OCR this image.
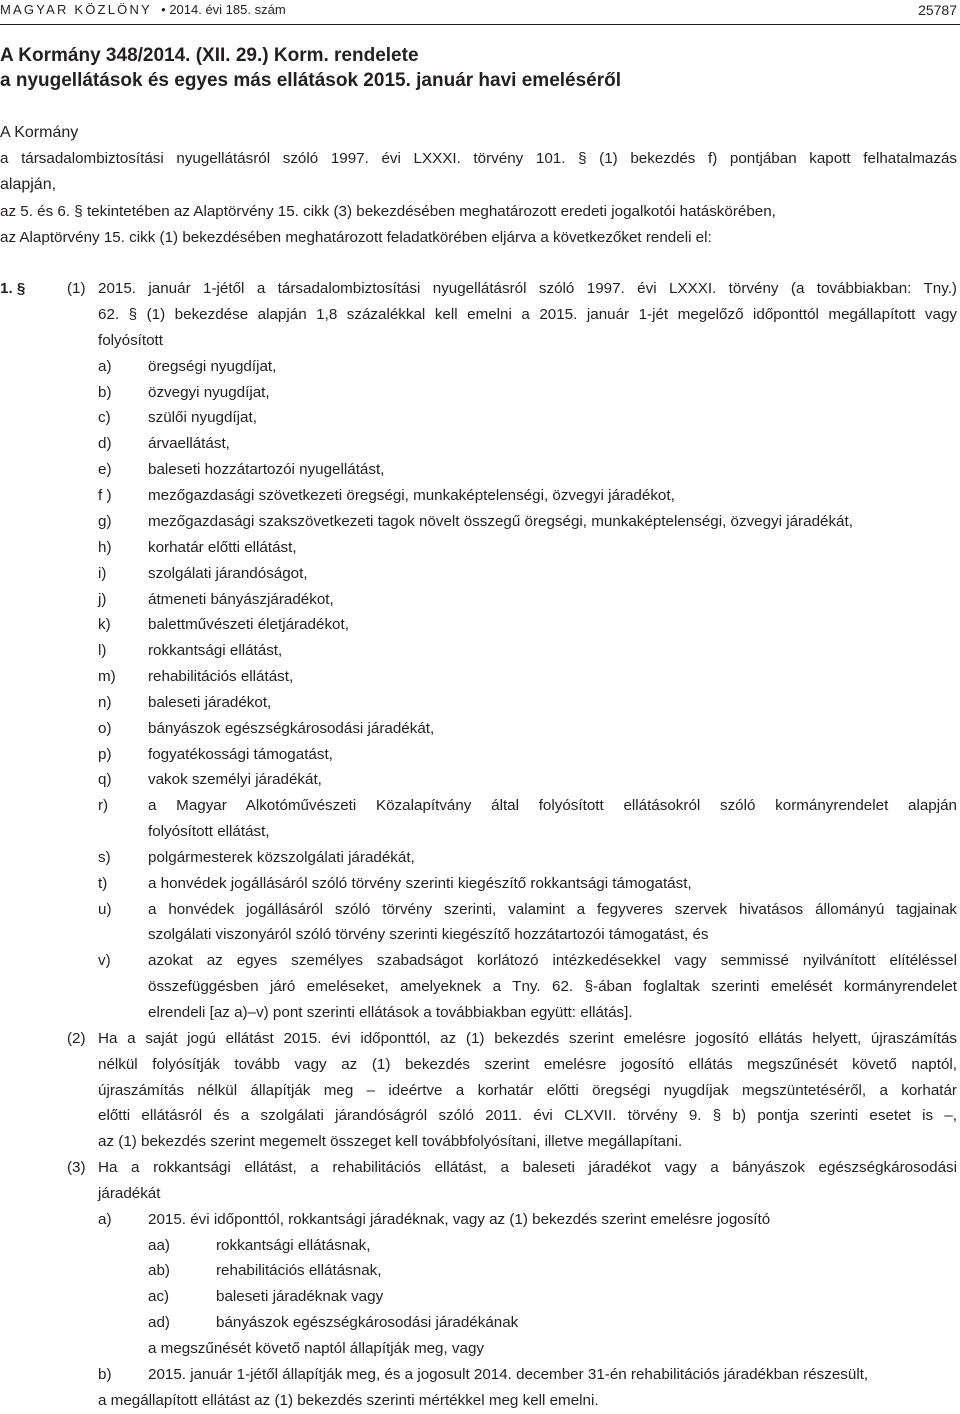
MAGYAR KÖZLÖNY • 2014. évi 185. szám	25787
A Kormány 348/2014. (XII. 29.) Korm. rendelete
a nyugellátások és egyes más ellátások 2015. január havi emeléséről
A Kormány
a társadalombiztosítási nyugellátásról szóló 1997. évi LXXXI. törvény 101. § (1) bekezdés f) pontjában kapott felhatalmazás
alapján,
az 5. és 6. § tekintetében az Alaptörvény 15. cikk (3) bekezdésében meghatározott eredeti jogalkotói hatáskörében,
az Alaptörvény 15. cikk (1) bekezdésében meghatározott feladatkörében eljárva a következőket rendeli el:
1. §	(1) 2015. január 1-jétől a társadalombiztosítási nyugellátásról szóló 1997. évi LXXXI. törvény (a továbbiakban: Tny.)
62. § (1) bekezdése alapján 1,8 százalékkal kell emelni a 2015. január 1-jét megelőző időponttól megállapított vagy
folyósított
a) öregségi nyugdíjat,
b) özvegyi nyugdíjat,
c) szülői nyugdíjat,
d) árvaellátást,
e) baleseti hozzátartozói nyugellátást,
f ) mezőgazdasági szövetkezeti öregségi, munkaképtelenségi, özvegyi járadékot,
g) mezőgazdasági szakszövetkezeti tagok növelt összegű öregségi, munkaképtelenségi, özvegyi járadékát,
h) korhatár előtti ellátást,
i)	szolgálati járandóságot,
j)	átmeneti bányászjáradékot,
k) balettművészeti életjáradékot,
l)	rokkantsági ellátást,
m) rehabilitációs ellátást,
n) baleseti járadékot,
o) bányászok egészségkárosodási járadékát,
p) fogyatékossági támogatást,
q) vakok személyi járadékát,
r)	a Magyar Alkotóművészeti Közalapítvány által folyósított ellátásokról szóló kormányrendelet alapján
folyósított ellátást,
s) polgármesterek közszolgálati járadékát,
t)	a honvédek jogállásáról szóló törvény szerinti kiegészítő rokkantsági támogatást,
u) a honvédek jogállásáról szóló törvény szerinti, valamint a fegyveres szervek hivatásos állományú tagjainak
szolgálati viszonyáról szóló törvény szerinti kiegészítő hozzátartozói támogatást, és
v) azokat az egyes személyes szabadságot korlátozó intézkedésekkel vagy semmissé nyilvánított elítéléssel
összefüggésben járó emeléseket, amelyeknek a Tny. 62. §-ában foglaltak szerinti emelését kormányrendelet
elrendeli [az a)–v) pont szerinti ellátások a továbbiakban együtt: ellátás].
(2) Ha a saját jogú ellátást 2015. évi időponttól, az (1) bekezdés szerint emelésre jogosító ellátás helyett, újraszámítás
nélkül folyósítják tovább vagy az (1) bekezdés szerint emelésre jogosító ellátás megszűnését követő naptól,
újraszámítás nélkül állapítják meg – ideértve a korhatár előtti öregségi nyugdíjak megszüntetéséről, a korhatár
előtti ellátásról és a szolgálati járandóságról szóló 2011. évi CLXVII. törvény 9. § b) pontja szerinti esetet is –,
az (1) bekezdés szerint megemelt összeget kell továbbfolyósítani, illetve megállapítani.
(3) Ha a rokkantsági ellátást, a rehabilitációs ellátást, a baleseti járadékot vagy a bányászok egészségkárosodási
járadékát
a) 2015. évi időponttól, rokkantsági járadéknak, vagy az (1) bekezdés szerint emelésre jogosító
aa)	rokkantsági ellátásnak,
ab)	rehabilitációs ellátásnak,
ac)	baleseti járadéknak vagy
ad)	bányászok egészségkárosodási járadékának
a megszűnését követő naptól állapítják meg, vagy
b) 2015. január 1-jétől állapítják meg, és a jogosult 2014. december 31-én rehabilitációs járadékban részesült,
a megállapított ellátást az (1) bekezdés szerinti mértékkel meg kell emelni.
